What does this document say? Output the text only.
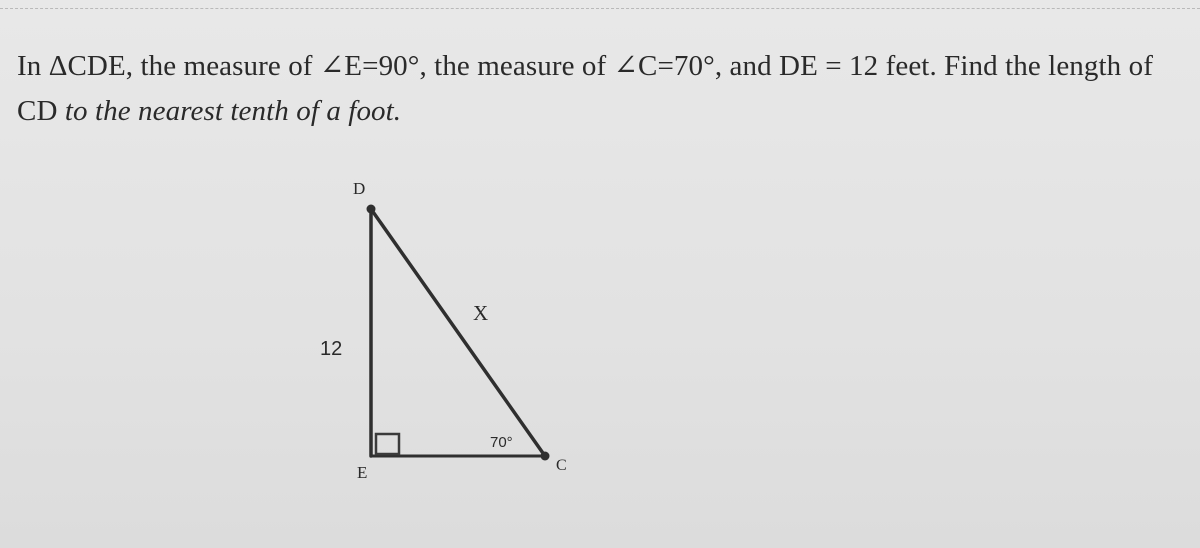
In ΔCDE, the measure of ∠E=90°, the measure of ∠C=70°, and DE = 12 feet. Find the length of CD to the nearest tenth of a foot.

D
E	C
12
X
70°
